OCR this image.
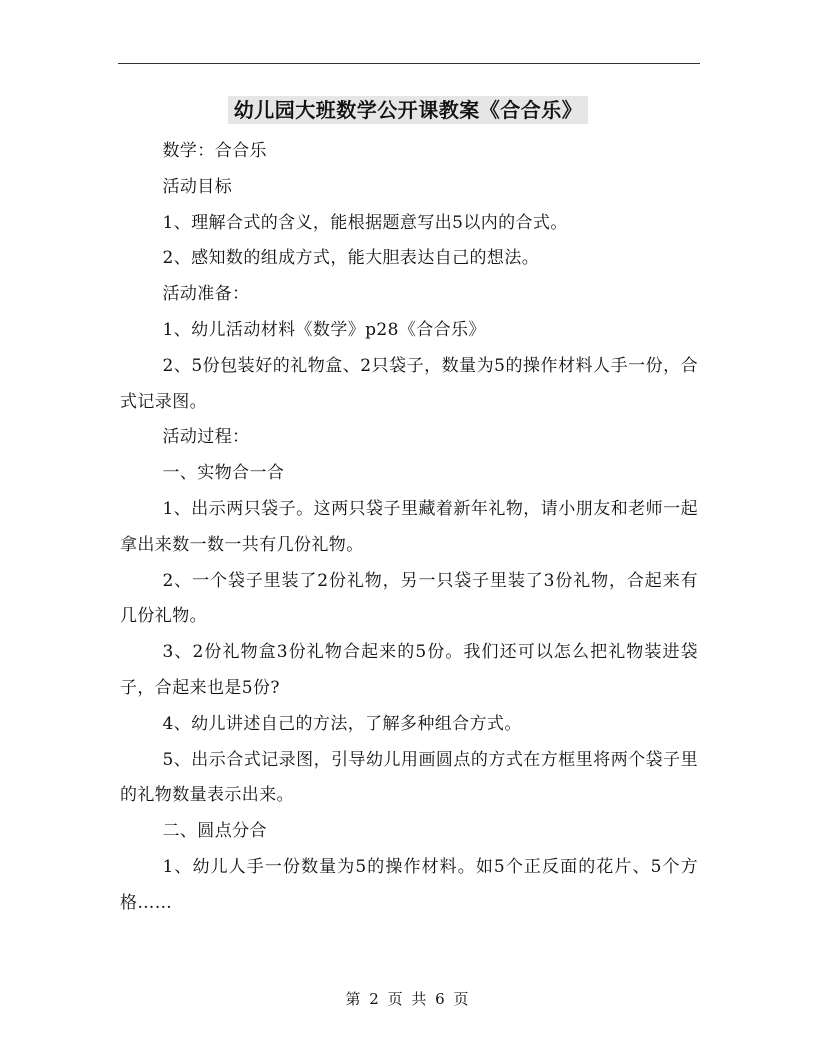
幼儿园大班数学公开课教案《合合乐》

数学：合合乐

活动目标

1、理解合式的含义，能根据题意写出5以内的合式。

2、感知数的组成方式，能大胆表达自己的想法。

活动准备：

1、幼儿活动材料《数学》p28《合合乐》

2、5份包装好的礼物盒、2只袋子，数量为5的操作材料人手一份，合式记录图。

活动过程：

一、实物合一合

1、出示两只袋子。这两只袋子里藏着新年礼物，请小朋友和老师一起拿出来数一数一共有几份礼物。

2、一个袋子里装了2份礼物，另一只袋子里装了3份礼物，合起来有几份礼物。

3、2份礼物盒3份礼物合起来的5份。我们还可以怎么把礼物装进袋子，合起来也是5份?

4、幼儿讲述自己的方法，了解多种组合方式。

5、出示合式记录图，引导幼儿用画圆点的方式在方框里将两个袋子里的礼物数量表示出来。

二、圆点分合

1、幼儿人手一份数量为5的操作材料。如5个正反面的花片、5个方格……

第 2 页 共 6 页
